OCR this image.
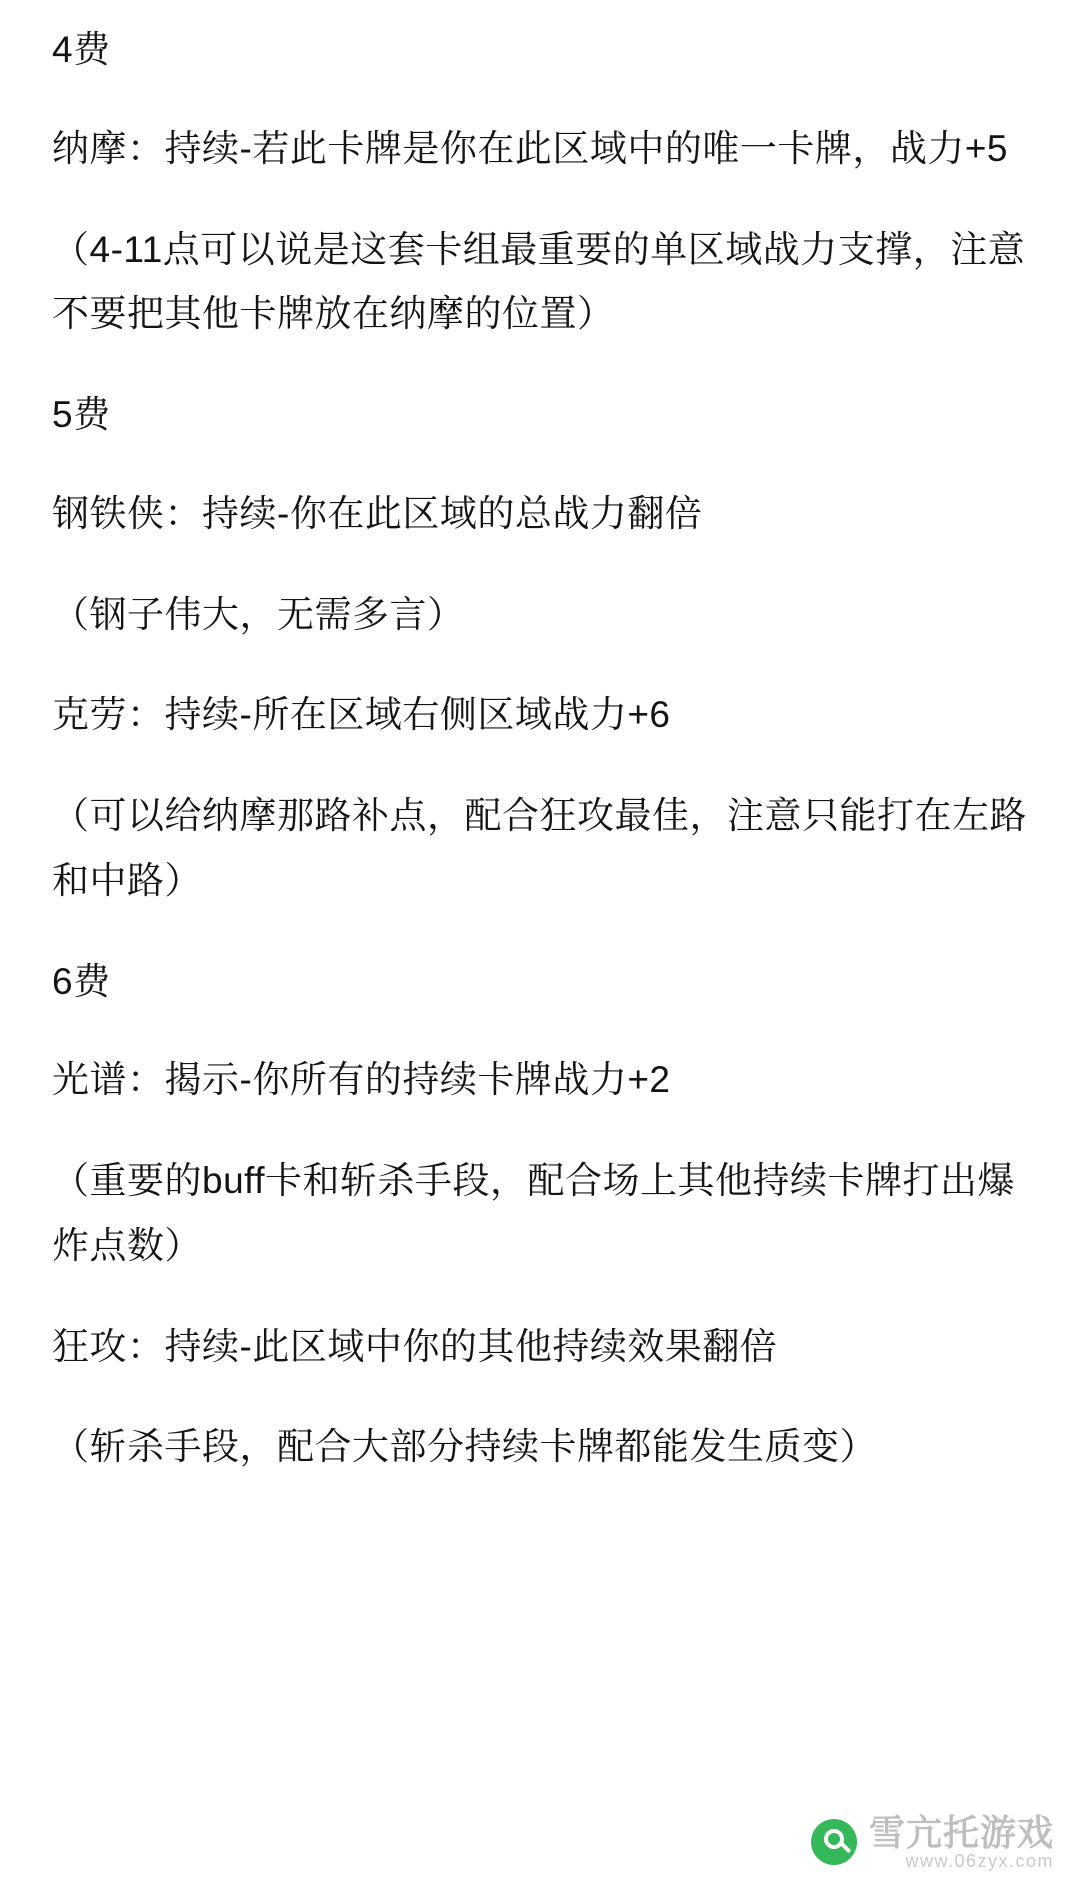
4费

纳摩：持续-若此卡牌是你在此区域中的唯一卡牌，战力+5

（4-11点可以说是这套卡组最重要的单区域战力支撑，注意不要把其他卡牌放在纳摩的位置）

5费

钢铁侠：持续-你在此区域的总战力翻倍

（钢子伟大，无需多言）

克劳：持续-所在区域右侧区域战力+6

（可以给纳摩那路补点，配合狂攻最佳，注意只能打在左路和中路）

6费

光谱：揭示-你所有的持续卡牌战力+2

（重要的buff卡和斩杀手段，配合场上其他持续卡牌打出爆炸点数）

狂攻：持续-此区域中你的其他持续效果翻倍

（斩杀手段，配合大部分持续卡牌都能发生质变）

雪亢托游戏
www.06zyx.com
